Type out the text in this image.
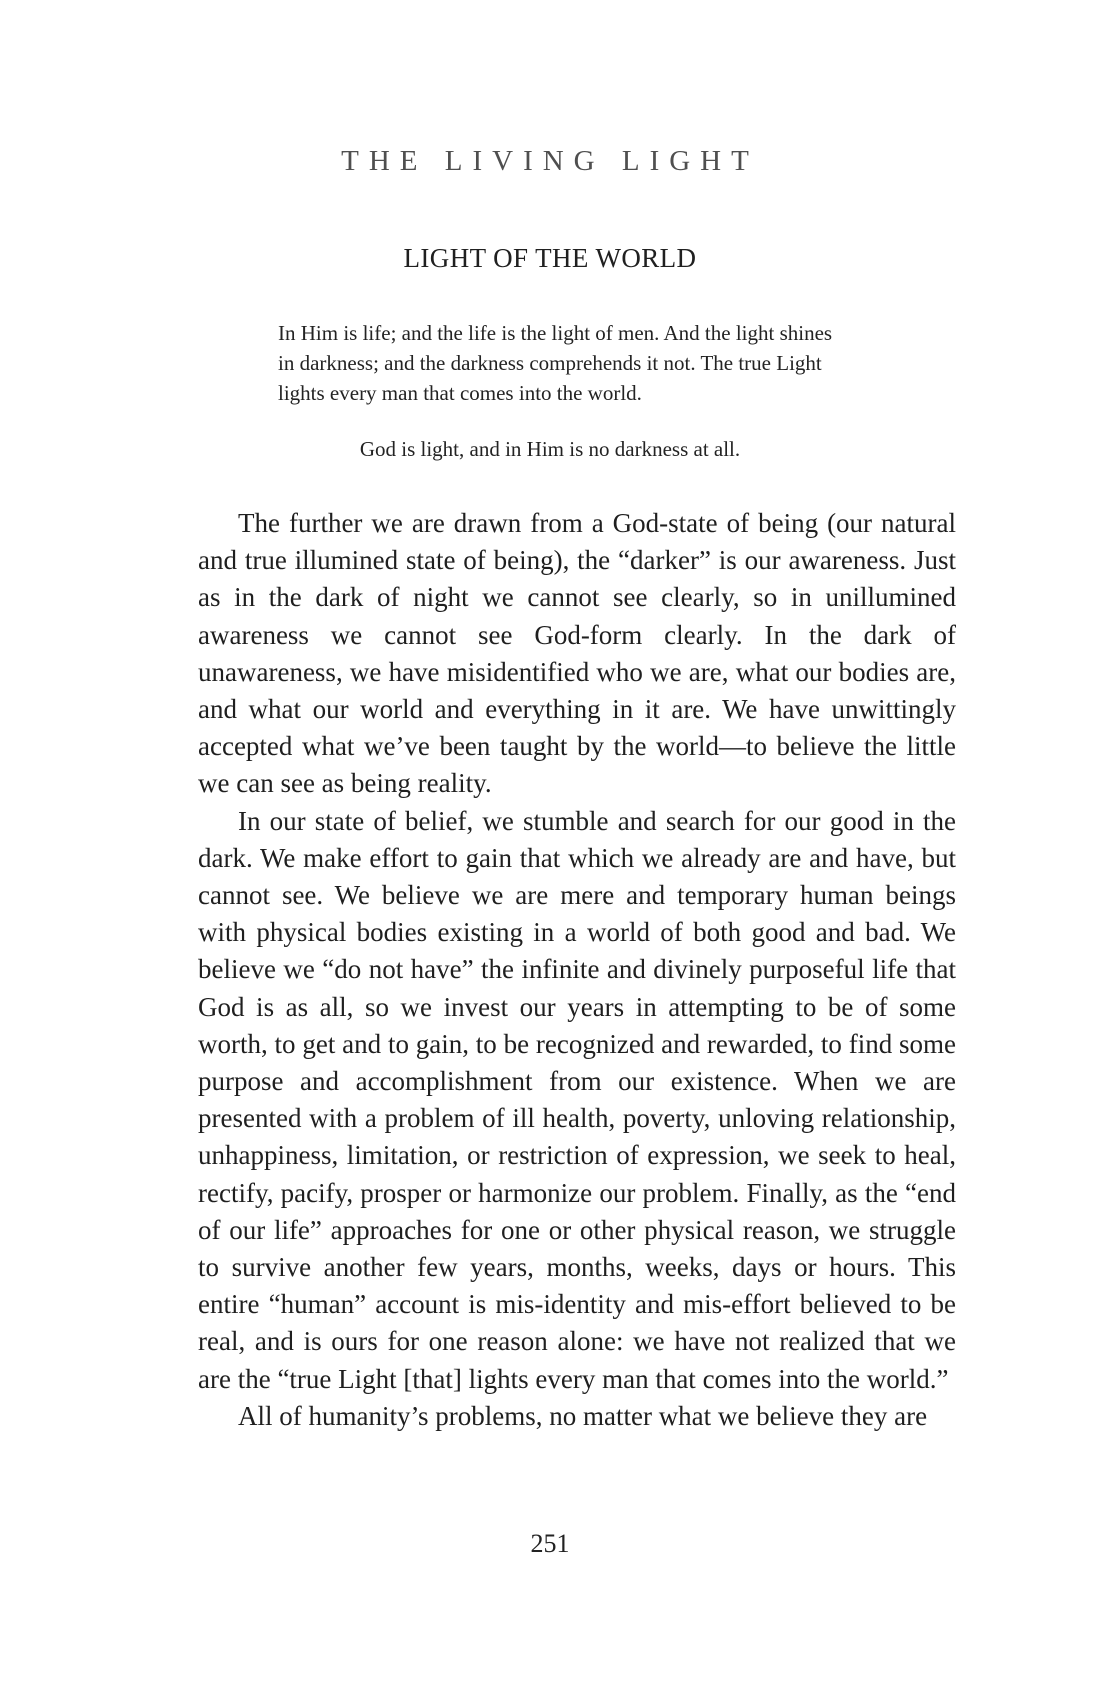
THE LIVING LIGHT
LIGHT OF THE WORLD
In Him is life; and the life is the light of men. And the light shines in darkness; and the darkness comprehends it not. The true Light lights every man that comes into the world.
God is light, and in Him is no darkness at all.

The further we are drawn from a God-state of being (our natural and true illumined state of being), the “darker” is our awareness. Just as in the dark of night we cannot see clearly, so in unillumined awareness we cannot see God-form clearly. In the dark of unawareness, we have misidentified who we are, what our bodies are, and what our world and everything in it are. We have unwittingly accepted what we’ve been taught by the world—to believe the little we can see as being reality.

In our state of belief, we stumble and search for our good in the dark. We make effort to gain that which we already are and have, but cannot see. We believe we are mere and temporary human beings with physical bodies existing in a world of both good and bad. We believe we “do not have” the infinite and divinely purposeful life that God is as all, so we invest our years in attempting to be of some worth, to get and to gain, to be recognized and rewarded, to find some purpose and accomplishment from our existence. When we are presented with a problem of ill health, poverty, unloving relationship, unhappiness, limitation, or restriction of expression, we seek to heal, rectify, pacify, prosper or harmonize our problem. Finally, as the “end of our life” approaches for one or other physical reason, we struggle to survive another few years, months, weeks, days or hours. This entire “human” account is mis-identity and mis-effort believed to be real, and is ours for one reason alone: we have not realized that we are the “true Light [that] lights every man that comes into the world.”

All of humanity’s problems, no matter what we believe they are

251
